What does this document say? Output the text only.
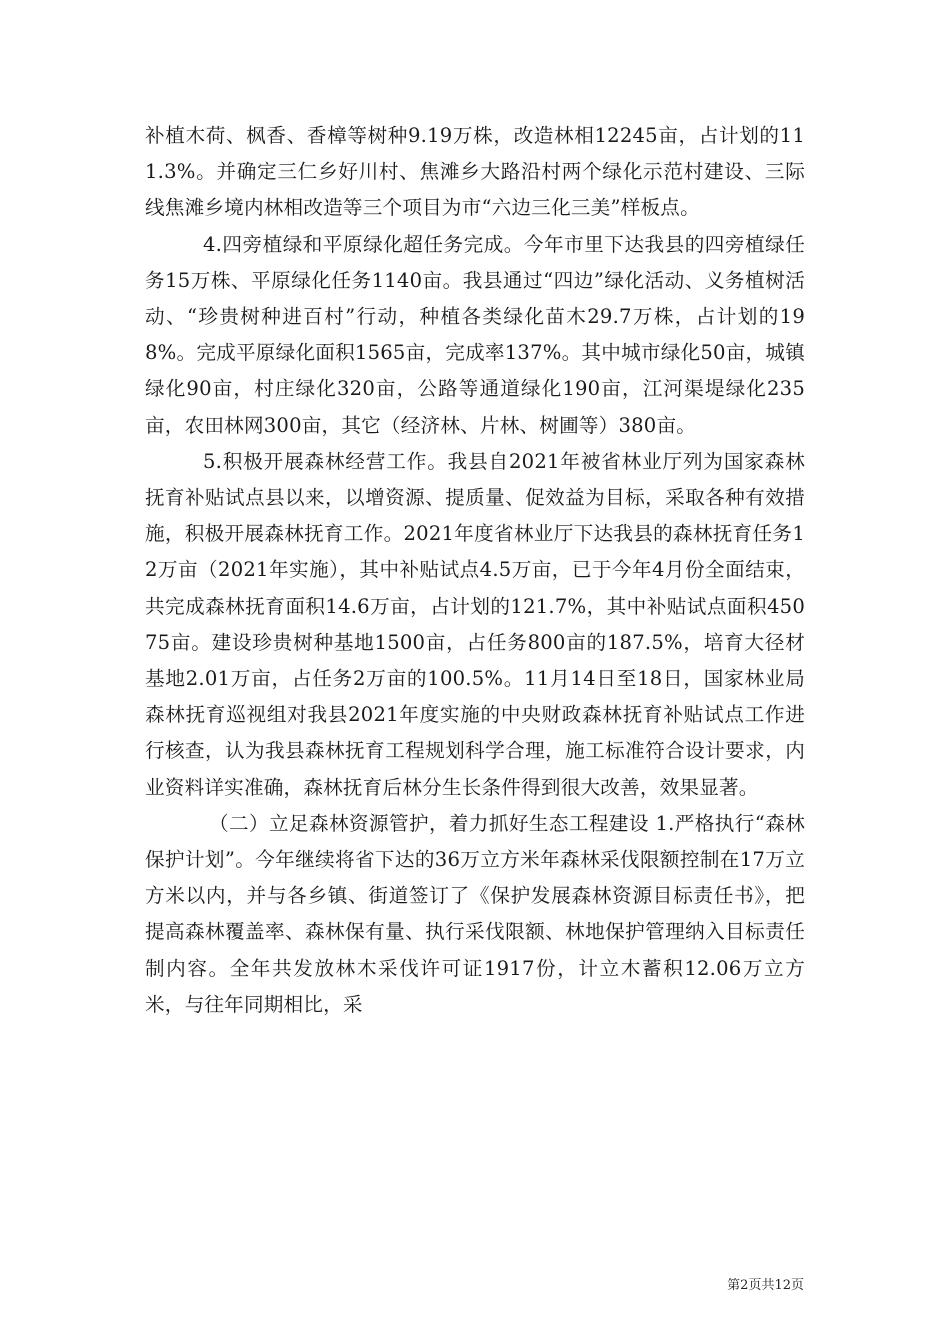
补植木荷、枫香、香樟等树种9.19万株，改造林相12245亩，占计划的111.3%。并确定三仁乡好川村、焦滩乡大路沿村两个绿化示范村建设、三际线焦滩乡境内林相改造等三个项目为市“六边三化三美”样板点。

4.四旁植绿和平原绿化超任务完成。今年市里下达我县的四旁植绿任务15万株、平原绿化任务1140亩。我县通过“四边”绿化活动、义务植树活动、“珍贵树种进百村”行动，种植各类绿化苗木29.7万株，占计划的198%。完成平原绿化面积1565亩，完成率137%。其中城市绿化50亩，城镇绿化90亩，村庄绿化320亩，公路等通道绿化190亩，江河渠堤绿化235亩，农田林网300亩，其它（经济林、片林、树圃等）380亩。

5.积极开展森林经营工作。我县自2021年被省林业厅列为国家森林抚育补贴试点县以来，以增资源、提质量、促效益为目标，采取各种有效措施，积极开展森林抚育工作。2021年度省林业厅下达我县的森林抚育任务12万亩（2021年实施），其中补贴试点4.5万亩，已于今年4月份全面结束，共完成森林抚育面积14.6万亩，占计划的121.7%，其中补贴试点面积45075亩。建设珍贵树种基地1500亩，占任务800亩的187.5%，培育大径材基地2.01万亩，占任务2万亩的100.5%。11月14日至18日，国家林业局森林抚育巡视组对我县2021年度实施的中央财政森林抚育补贴试点工作进行核查，认为我县森林抚育工程规划科学合理，施工标准符合设计要求，内业资料详实准确，森林抚育后林分生长条件得到很大改善，效果显著。

（二）立足森林资源管护，着力抓好生态工程建设 1.严格执行“森林保护计划”。今年继续将省下达的36万立方米年森林采伐限额控制在17万立方米以内，并与各乡镇、街道签订了《保护发展森林资源目标责任书》，把提高森林覆盖率、森林保有量、执行采伐限额、林地保护管理纳入目标责任制内容。全年共发放林木采伐许可证1917份，计立木蓄积12.06万立方米，与往年同期相比，采

第2页共12页
